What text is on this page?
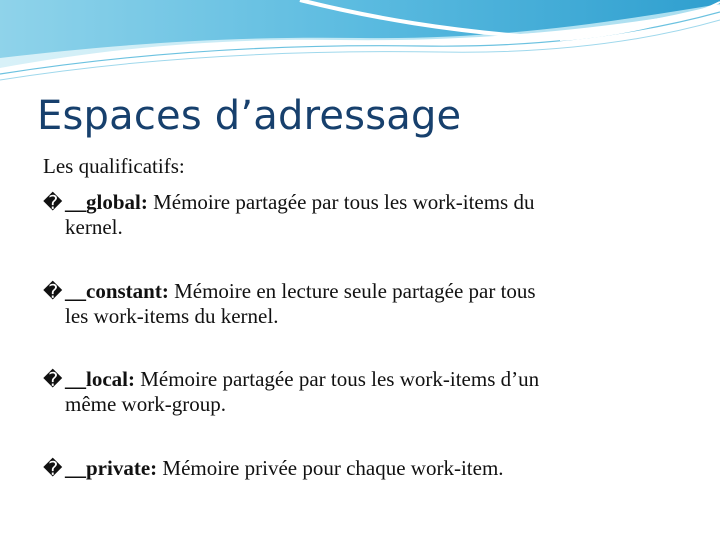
Espaces d’adressage
Les qualificatifs:
� __global: Mémoire partagée par tous les work-items du
kernel.
� __constant: Mémoire en lecture seule partagée par tous
les work-items du kernel.
� __local: Mémoire partagée par tous les work-items d’un
même work-group.
� __private: Mémoire privée pour chaque work-item.
